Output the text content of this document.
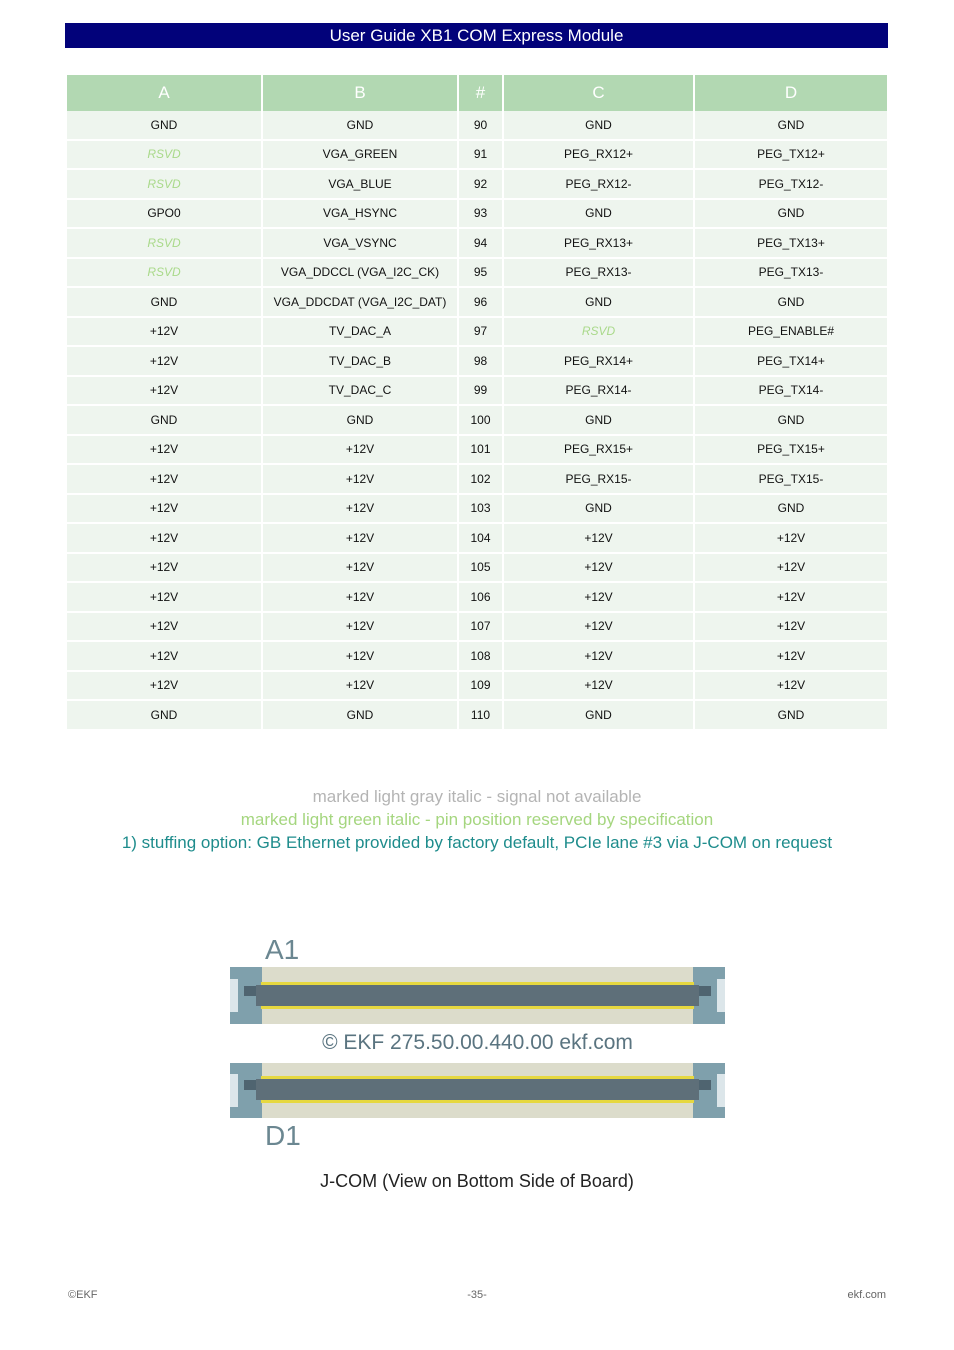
User Guide XB1 COM Express Module
A	B	#	C	D
GND	GND	90	GND	GND
RSVD	VGA_GREEN	91	PEG_RX12+	PEG_TX12+
RSVD	VGA_BLUE	92	PEG_RX12-	PEG_TX12-
GPO0	VGA_HSYNC	93	GND	GND
RSVD	VGA_VSYNC	94	PEG_RX13+	PEG_TX13+
RSVD	VGA_DDCCL (VGA_I2C_CK)	95	PEG_RX13-	PEG_TX13-
GND	VGA_DDCDAT (VGA_I2C_DAT)	96	GND	GND
+12V	TV_DAC_A	97	RSVD	PEG_ENABLE#
+12V	TV_DAC_B	98	PEG_RX14+	PEG_TX14+
+12V	TV_DAC_C	99	PEG_RX14-	PEG_TX14-
GND	GND	100	GND	GND
+12V	+12V	101	PEG_RX15+	PEG_TX15+
+12V	+12V	102	PEG_RX15-	PEG_TX15-
+12V	+12V	103	GND	GND
+12V	+12V	104	+12V	+12V
+12V	+12V	105	+12V	+12V
+12V	+12V	106	+12V	+12V
+12V	+12V	107	+12V	+12V
+12V	+12V	108	+12V	+12V
+12V	+12V	109	+12V	+12V
GND	GND	110	GND	GND
marked light gray italic - signal not available
marked light green italic - pin position reserved by specification
1) stuffing option: GB Ethernet provided by factory default, PCIe lane #3 via J-COM on request
A1
© EKF 275.50.00.440.00 ekf.com
D1
J-COM (View on Bottom Side of Board)
©EKF	-35-	ekf.com
